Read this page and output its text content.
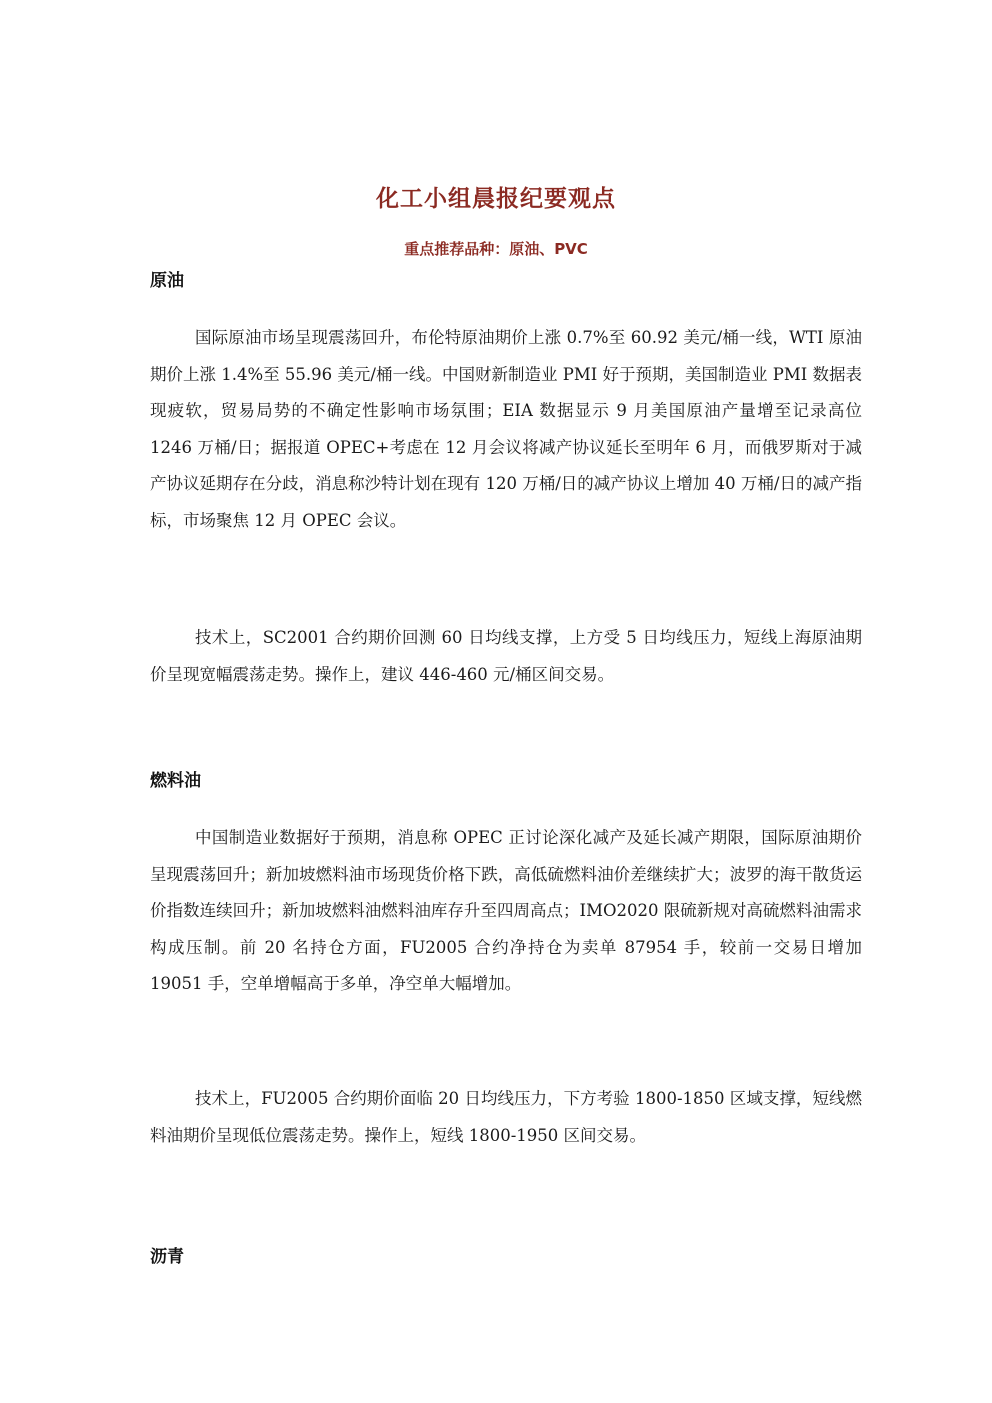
化工小组晨报纪要观点
重点推荐品种：原油、PVC
原油

国际原油市场呈现震荡回升，布伦特原油期价上涨 0.7%至 60.92 美元/桶一线，WTI 原油期价上涨 1.4%至 55.96 美元/桶一线。中国财新制造业 PMI 好于预期，美国制造业 PMI 数据表现疲软，贸易局势的不确定性影响市场氛围；EIA 数据显示 9 月美国原油产量增至记录高位 1246 万桶/日；据报道 OPEC+考虑在 12 月会议将减产协议延长至明年 6 月，而俄罗斯对于减产协议延期存在分歧，消息称沙特计划在现有 120 万桶/日的减产协议上增加 40 万桶/日的减产指标，市场聚焦 12 月 OPEC 会议。

技术上，SC2001 合约期价回测 60 日均线支撑，上方受 5 日均线压力，短线上海原油期价呈现宽幅震荡走势。操作上，建议 446-460 元/桶区间交易。

燃料油

中国制造业数据好于预期，消息称 OPEC 正讨论深化减产及延长减产期限，国际原油期价呈现震荡回升；新加坡燃料油市场现货价格下跌，高低硫燃料油价差继续扩大；波罗的海干散货运价指数连续回升；新加坡燃料油燃料油库存升至四周高点；IMO2020 限硫新规对高硫燃料油需求构成压制。前 20 名持仓方面，FU2005 合约净持仓为卖单 87954 手，较前一交易日增加 19051 手，空单增幅高于多单，净空单大幅增加。

技术上，FU2005 合约期价面临 20 日均线压力，下方考验 1800-1850 区域支撑，短线燃料油期价呈现低位震荡走势。操作上，短线 1800-1950 区间交易。

沥青
